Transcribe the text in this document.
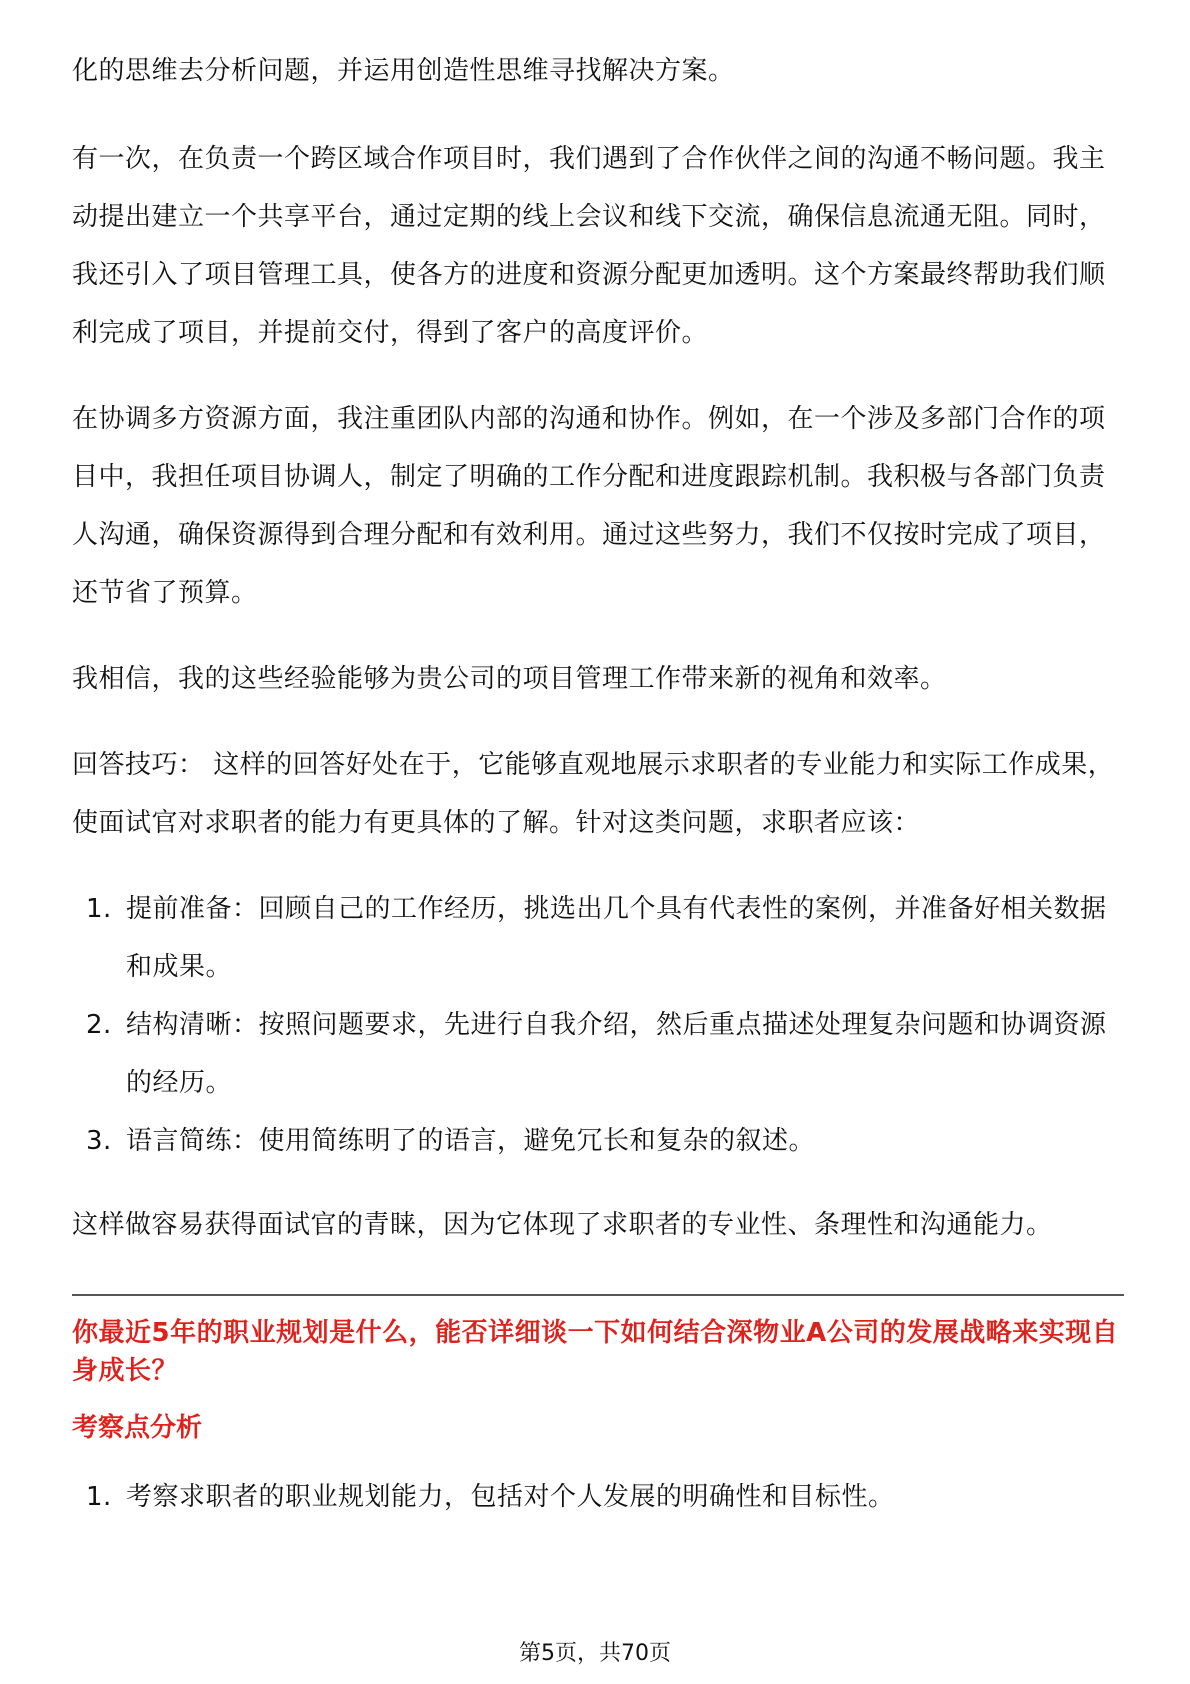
化的思维去分析问题，并运用创造性思维寻找解决方案。

有一次，在负责一个跨区域合作项目时，我们遇到了合作伙伴之间的沟通不畅问题。我主动提出建立一个共享平台，通过定期的线上会议和线下交流，确保信息流通无阻。同时，我还引入了项目管理工具，使各方的进度和资源分配更加透明。这个方案最终帮助我们顺利完成了项目，并提前交付，得到了客户的高度评价。

在协调多方资源方面，我注重团队内部的沟通和协作。例如，在一个涉及多部门合作的项目中，我担任项目协调人，制定了明确的工作分配和进度跟踪机制。我积极与各部门负责人沟通，确保资源得到合理分配和有效利用。通过这些努力，我们不仅按时完成了项目，还节省了预算。

我相信，我的这些经验能够为贵公司的项目管理工作带来新的视角和效率。

回答技巧： 这样的回答好处在于，它能够直观地展示求职者的专业能力和实际工作成果，使面试官对求职者的能力有更具体的了解。针对这类问题，求职者应该：

1. 提前准备：回顾自己的工作经历，挑选出几个具有代表性的案例，并准备好相关数据和成果。
2. 结构清晰：按照问题要求，先进行自我介绍，然后重点描述处理复杂问题和协调资源的经历。
3. 语言简练：使用简练明了的语言，避免冗长和复杂的叙述。

这样做容易获得面试官的青睐，因为它体现了求职者的专业性、条理性和沟通能力。

你最近5年的职业规划是什么，能否详细谈一下如何结合深物业A公司的发展战略来实现自身成长？
考察点分析
1. 考察求职者的职业规划能力，包括对个人发展的明确性和目标性。
第5页，共70页
